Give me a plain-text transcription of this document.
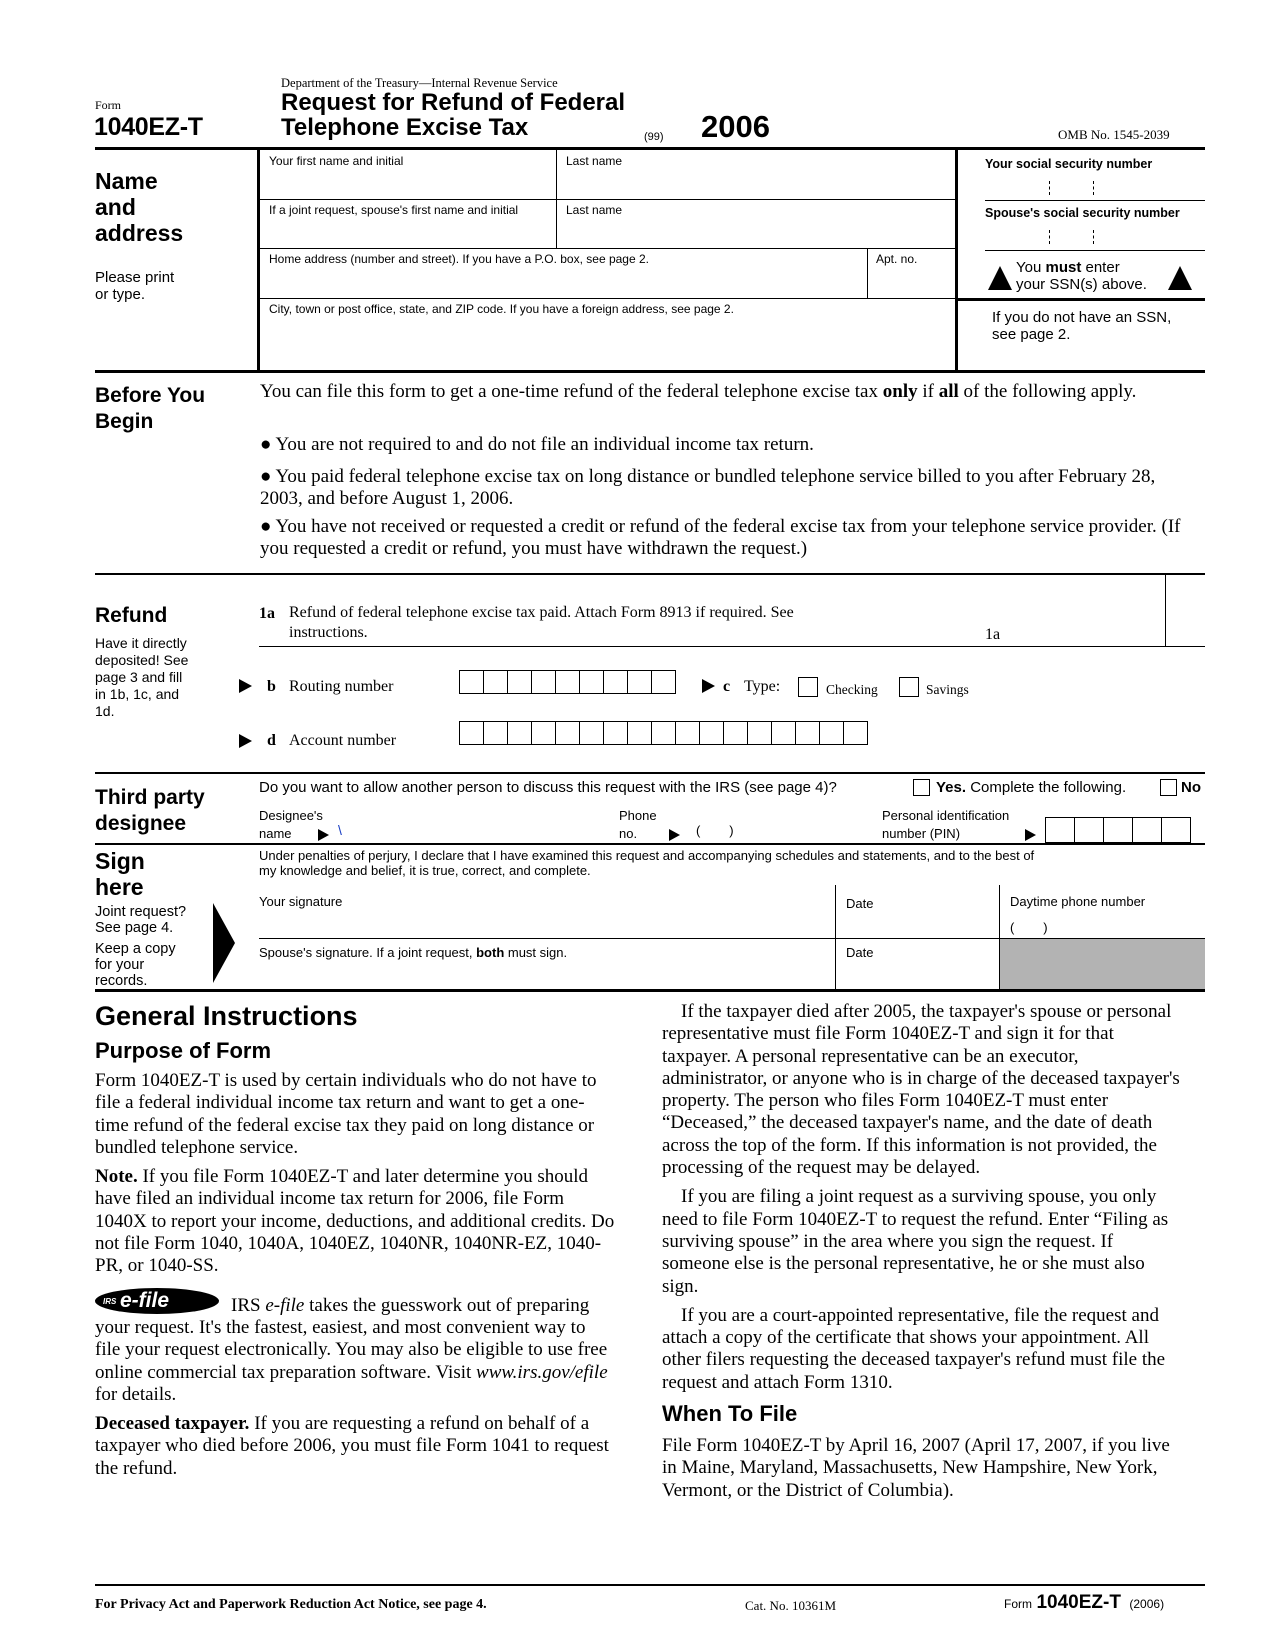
Department of the Treasury—Internal Revenue Service
Form
1040EZ-T
Request for Refund of Federal
Telephone Excise Tax	(99) 2006	OMB No. 1545-2039
Name
and
address
Please print
or type.
Your first name and initial	Last name
If a joint request, spouse's first name and initial	Last name
Home address (number and street). If you have a P.O. box, see page 2.	Apt. no.
City, town or post office, state, and ZIP code. If you have a foreign address, see page 2.
Your social security number
Spouse's social security number
You must enter
your SSN(s) above.
If you do not have an SSN,
see page 2.
Before You
Begin
You can file this form to get a one-time refund of the federal telephone excise tax only if all of the following apply.
● You are not required to and do not file an individual income tax return.
● You paid federal telephone excise tax on long distance or bundled telephone service billed to you after February 28, 2003, and before August 1, 2006.
● You have not received or requested a credit or refund of the federal excise tax from your telephone service provider. (If you requested a credit or refund, you must have withdrawn the request.)
Refund
Have it directly
deposited! See
page 3 and fill
in 1b, 1c, and
1d.
1a Refund of federal telephone excise tax paid. Attach Form 8913 if required. See
instructions.	1a
b Routing number	c Type:	Checking	Savings
d Account number
Third party
designee
Do you want to allow another person to discuss this request with the IRS (see page 4)?	Yes. Complete the following.	No
Designee's
name	\
Phone
no.	(        )
Personal identification
number (PIN)
Sign
here
Joint request?
See page 4.
Keep a copy
for your
records.
Under penalties of perjury, I declare that I have examined this request and accompanying schedules and statements, and to the best of
my knowledge and belief, it is true, correct, and complete.
Your signature	Date	Daytime phone number
(        )
Spouse's signature. If a joint request, both must sign.	Date
General Instructions
Purpose of Form

Form 1040EZ-T is used by certain individuals who do not have to file a federal individual income tax return and want to get a one-time refund of the federal excise tax they paid on long distance or bundled telephone service.

Note. If you file Form 1040EZ-T and later determine you should have filed an individual income tax return for 2006, file Form 1040X to report your income, deductions, and additional credits. Do not file Form 1040, 1040A, 1040EZ, 1040NR, 1040NR-EZ, 1040-PR, or 1040-SS.

IRS e-file	IRS e-file takes the guesswork out of preparing your request. It's the fastest, easiest, and most convenient way to file your request electronically. You may also be eligible to use free online commercial tax preparation software. Visit www.irs.gov/efile for details.

Deceased taxpayer. If you are requesting a refund on behalf of a taxpayer who died before 2006, you must file Form 1041 to request the refund.

If the taxpayer died after 2005, the taxpayer's spouse or personal representative must file Form 1040EZ-T and sign it for that taxpayer. A personal representative can be an executor, administrator, or anyone who is in charge of the deceased taxpayer's property. The person who files Form 1040EZ-T must enter “Deceased,” the deceased taxpayer's name, and the date of death across the top of the form. If this information is not provided, the processing of the request may be delayed.

If you are filing a joint request as a surviving spouse, you only need to file Form 1040EZ-T to request the refund. Enter “Filing as surviving spouse” in the area where you sign the request. If someone else is the personal representative, he or she must also sign.

If you are a court-appointed representative, file the request and attach a copy of the certificate that shows your appointment. All other filers requesting the deceased taxpayer's refund must file the request and attach Form 1310.

When To File

File Form 1040EZ-T by April 16, 2007 (April 17, 2007, if you live in Maine, Maryland, Massachusetts, New Hampshire, New York, Vermont, or the District of Columbia).

For Privacy Act and Paperwork Reduction Act Notice, see page 4.	Cat. No. 10361M	Form 1040EZ-T (2006)
